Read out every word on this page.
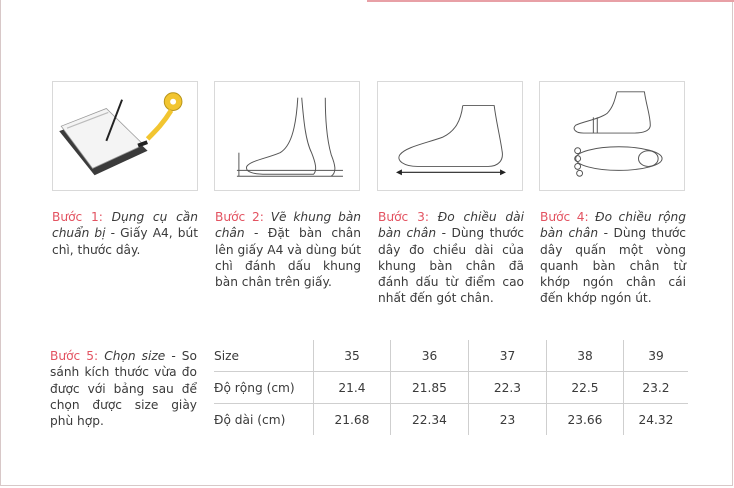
Bước 1: Dụng cụ cần chuẩn bị - Giấy A4, bút chì, thước dây.
Bước 2: Vẽ khung bàn chân - Đặt bàn chân lên giấy A4 và dùng bút chì đánh dấu khung bàn chân trên giấy.
Bước 3: Đo chiều dài bàn chân - Dùng thước dây đo chiều dài của khung bàn chân đã đánh dấu từ điểm cao nhất đến gót chân.
Bước 4: Đo chiều rộng bàn chân - Dùng thước dây quấn một vòng quanh bàn chân từ khớp ngón chân cái đến khớp ngón út.
Bước 5: Chọn size - So sánh kích thước vừa đo được với bảng sau để chọn được size giày phù hợp.
Size	35	36	37	38	39
Độ rộng (cm)	21.4	21.85	22.3	22.5	23.2
Độ dài (cm)	21.68	22.34	23	23.66	24.32
